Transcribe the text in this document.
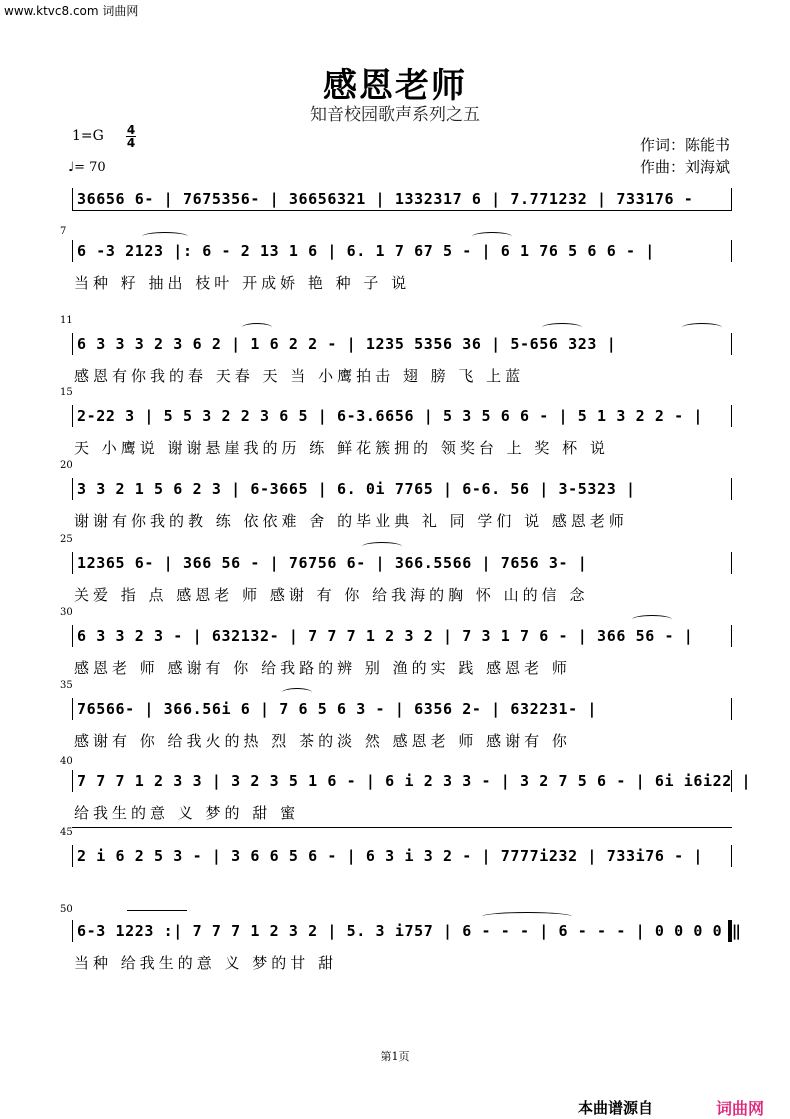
www.ktvc8.com 词曲网
感恩老师
知音校园歌声系列之五
1=G 4
4
♩= 70
作词：陈能书
作曲：刘海斌
36656 6- | 7675356- | 36656321 | 1332317 6 | 7.771232 | 733176 -
7
6 -3 2123 |: 6 - 2 13 1 6 | 6. 1 7 67 5 - | 6 1 76 5 6 6 - |
当种 籽 抽出 枝叶 开成娇 艳 种 子 说
11
6 3 3 3 2 3 6 2 | 1 6 2 2 - | 1235 5356 36 | 5-656 323 |
感恩有你我的春 天春 天 当 小鹰拍击 翅 膀 飞 上蓝
15
2-22 3 | 5 5 3 2 2 3 6 5 | 6-3.6656 | 5 3 5 6 6 - | 5 1 3 2 2 - |
天 小鹰说 谢谢悬崖我的历 练 鲜花簇拥的 领奖台 上 奖 杯 说
20
3 3 2 1 5 6 2 3 | 6-3665 | 6. 0i 7765 | 6-6. 56 | 3-5323 |
谢谢有你我的教 练 依依难 舍 的毕业典 礼 同 学们 说 感恩老师
25
12365 6- | 366 56 - | 76756 6- | 366.5566 | 7656 3- |
关爱 指 点 感恩老 师 感谢 有 你 给我海的胸 怀 山的信 念
30
6 3 3 2 3 - | 632132- | 7 7 7 1 2 3 2 | 7 3 1 7 6 - | 366 56 - |
感恩老 师 感谢有 你 给我路的辨 别 渔的实 践 感恩老 师
35
76566- | 366.56i 6 | 7 6 5 6 3 - | 6356 2- | 632231- |
感谢有 你 给我火的热 烈 茶的淡 然 感恩老 师 感谢有 你
40
7 7 7 1 2 3 3 | 3 2 3 5 1 6 - | 6 i 2 3 3 - | 3 2 7 5 6 - | 6i i6i22 |
给我生的意 义 梦的 甜 蜜
45
2 i 6 2 5 3 - | 3 6 6 5 6 - | 6 3 i 3 2 - | 7777i232 | 733i76 - |
50
6-3 1223 :| 7 7 7 1 2 3 2 | 5. 3 i757 | 6 - - - | 6 - - - | 0 0 0 0 ‖
当种 给我生的意 义 梦的甘 甜
第1页
本曲谱源自	词曲网
